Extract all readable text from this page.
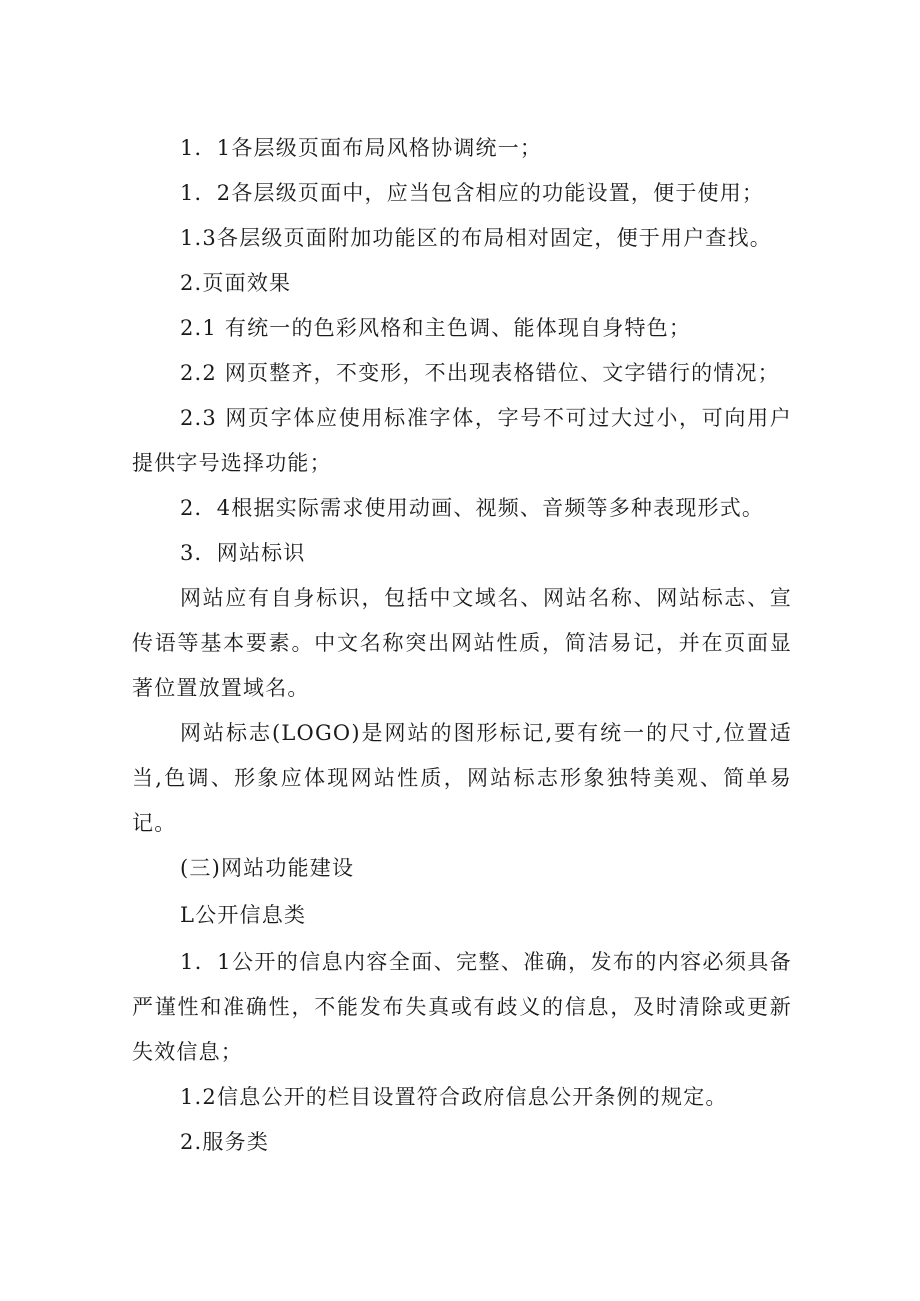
1．1各层级页面布局风格协调统一；

1．2各层级页面中，应当包含相应的功能设置，便于使用；

1.3各层级页面附加功能区的布局相对固定，便于用户查找。

2.页面效果

2.1 有统一的色彩风格和主色调、能体现自身特色；

2.2 网页整齐，不变形，不出现表格错位、文字错行的情况；

2.3 网页字体应使用标准字体，字号不可过大过小，可向用户提供字号选择功能；

2．4根据实际需求使用动画、视频、音频等多种表现形式。

3．网站标识

网站应有自身标识，包括中文域名、网站名称、网站标志、宣传语等基本要素。中文名称突出网站性质，简洁易记，并在页面显著位置放置域名。

网站标志(LOGO)是网站的图形标记,要有统一的尺寸,位置适当,色调、形象应体现网站性质，网站标志形象独特美观、简单易记。

(三)网站功能建设

L公开信息类

1．1公开的信息内容全面、完整、准确，发布的内容必须具备严谨性和准确性，不能发布失真或有歧义的信息，及时清除或更新失效信息；

1.2信息公开的栏目设置符合政府信息公开条例的规定。

2.服务类
